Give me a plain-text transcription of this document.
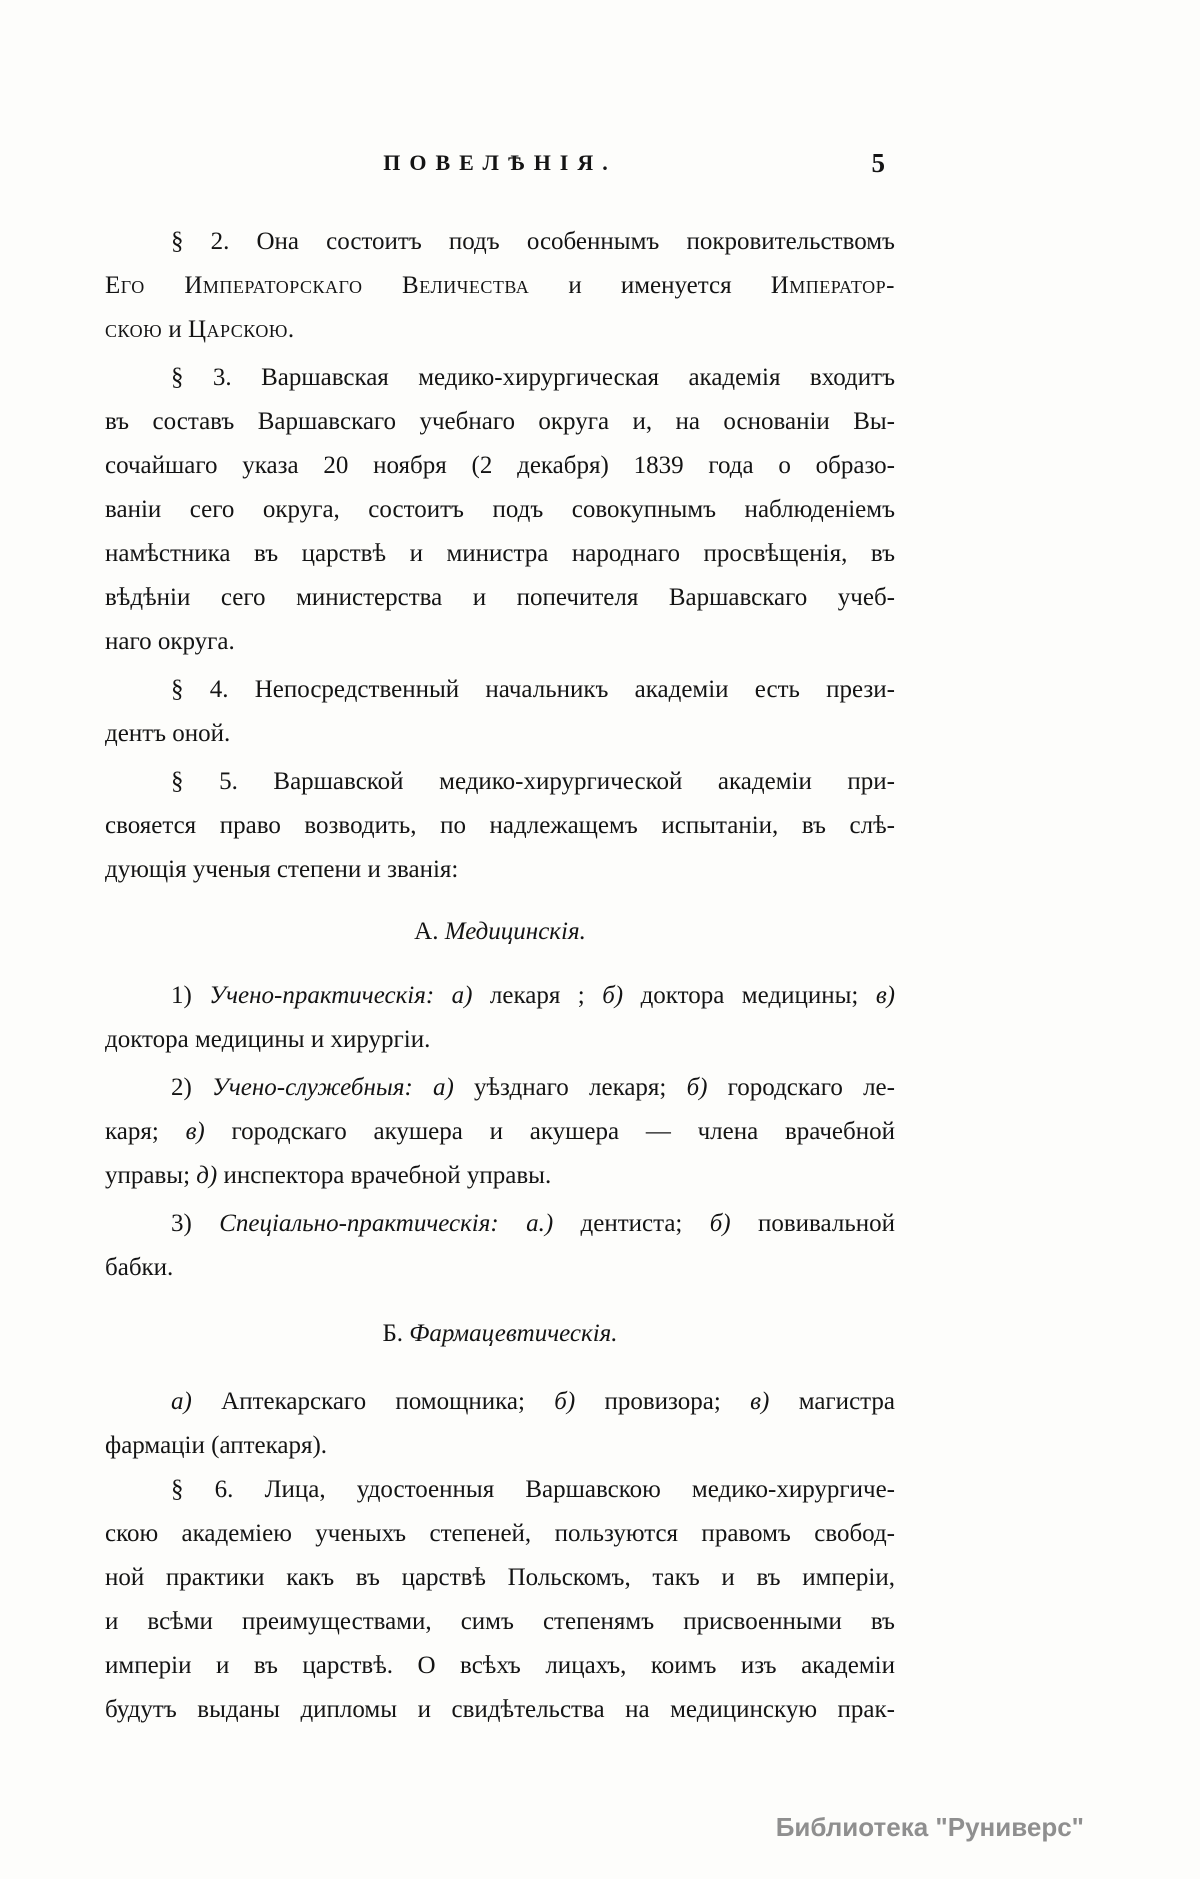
ПОВЕЛѢНІЯ.	5
§ 2. Она состоитъ подъ особеннымъ покровительствомъ
Его Императорскаго Величества и именуется Император-
скою и Царскою.
§ 3. Варшавская медико-хирургическая академія входитъ
въ составъ Варшавскаго учебнаго округа и, на основаніи Вы-
сочайшаго указа 20 ноября (2 декабря) 1839 года о образо-
ваніи сего округа, состоитъ подъ совокупнымъ наблюденіемъ
намѣстника въ царствѣ и министра народнаго просвѣщенія, въ
вѣдѣніи сего министерства и попечителя Варшавскаго учеб-
наго округа.
§ 4. Непосредственный начальникъ академіи есть прези-
дентъ оной.
§ 5. Варшавской медико-хирургической академіи при-
свояется право возводить, по надлежащемъ испытаніи, въ слѣ-
дующія ученыя степени и званія:
А. Медицинскія.
1) Учено-практическія: а) лекаря ; б) доктора медицины; в)
доктора медицины и хирургіи.
2) Учено-служебныя: а) уѣзднаго лекаря; б) городскаго ле-
каря; в) городскаго акушера и акушера — члена врачебной
управы; д) инспектора врачебной управы.
3) Спеціально-практическія: а.) дентиста; б) повивальной
бабки.
Б. Фармацевтическія.
а) Аптекарскаго помощника; б) провизора; в) магистра
фармаціи (аптекаря).
§ 6. Лица, удостоенныя Варшавскою медико-хирургиче-
скою академіею ученыхъ степеней, пользуются правомъ свобод-
ной практики какъ въ царствѣ Польскомъ, такъ и въ имперіи,
и всѣми преимуществами, симъ степенямъ присвоенными въ
имперіи и въ царствѣ. О всѣхъ лицахъ, коимъ изъ академіи
будутъ выданы дипломы и свидѣтельства на медицинскую прак-
Библиотека "Руниверс"
